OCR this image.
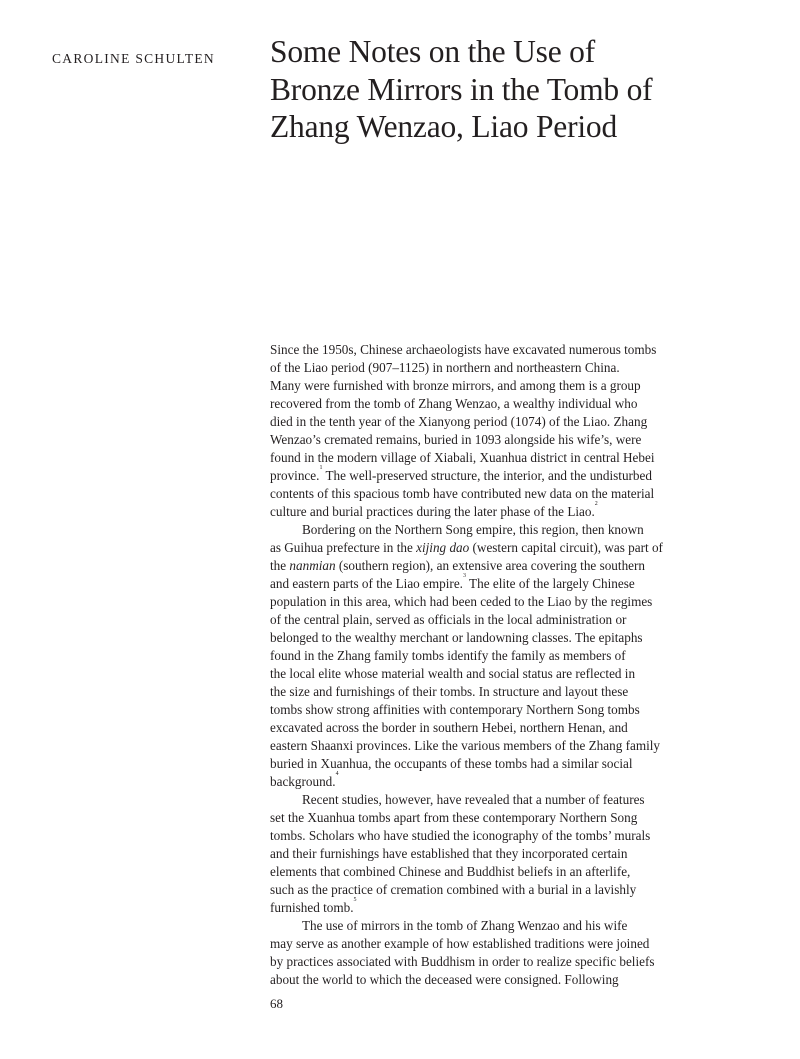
CAROLINE SCHULTEN Some Notes on the Use of
Bronze Mirrors in the Tomb of
Zhang Wenzao, Liao Period
Since the 1950s, Chinese archaeologists have excavated numerous tombs
of the Liao period (907–1125) in northern and northeastern China.
Many were furnished with bronze mirrors, and among them is a group
recovered from the tomb of Zhang Wenzao, a wealthy individual who
died in the tenth year of the Xianyong period (1074) of the Liao. Zhang
Wenzao’s cremated remains, buried in 1093 alongside his wife’s, were
found in the modern village of Xiabali, Xuanhua district in central Hebei
province.$^1$ The well-preserved structure, the interior, and the undisturbed
contents of this spacious tomb have contributed new data on the material
culture and burial practices during the later phase of the Liao.$^2$
Bordering on the Northern Song empire, this region, then known
as Guihua prefecture in the xijing dao (western capital circuit), was part of
the nanmian (southern region), an extensive area covering the southern
and eastern parts of the Liao empire.$^3$ The elite of the largely Chinese
population in this area, which had been ceded to the Liao by the regimes
of the central plain, served as officials in the local administration or
belonged to the wealthy merchant or landowning classes. The epitaphs
found in the Zhang family tombs identify the family as members of
the local elite whose material wealth and social status are reflected in
the size and furnishings of their tombs. In structure and layout these
tombs show strong affinities with contemporary Northern Song tombs
excavated across the border in southern Hebei, northern Henan, and
eastern Shaanxi provinces. Like the various members of the Zhang family
buried in Xuanhua, the occupants of these tombs had a similar social
background.$^4$
Recent studies, however, have revealed that a number of features
set the Xuanhua tombs apart from these contemporary Northern Song
tombs. Scholars who have studied the iconography of the tombs’ murals
and their furnishings have established that they incorporated certain
elements that combined Chinese and Buddhist beliefs in an afterlife,
such as the practice of cremation combined with a burial in a lavishly
furnished tomb.$^5$
The use of mirrors in the tomb of Zhang Wenzao and his wife
may serve as another example of how established traditions were joined
by practices associated with Buddhism in order to realize specific beliefs
about the world to which the deceased were consigned. Following
68
